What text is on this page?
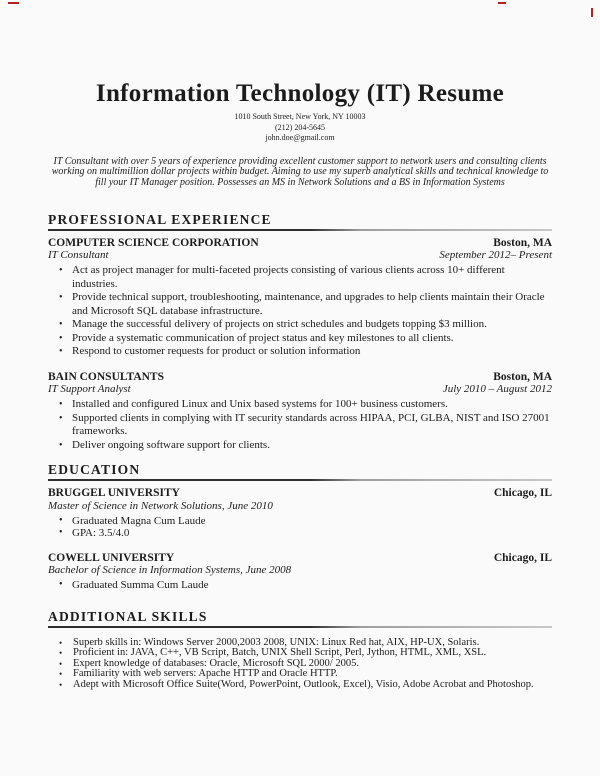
Information Technology (IT) Resume
1010 South Street, New York, NY 10003
(212) 204-5645
john.doe@gmail.com
IT Consultant with over 5 years of experience providing excellent customer support to network users and consulting clients working on multimillion dollar projects within budget. Aiming to use my superb analytical skills and technical knowledge to fill your IT Manager position. Possesses an MS in Network Solutions and a BS in Information Systems
PROFESSIONAL EXPERIENCE
COMPUTER SCIENCE CORPORATION	Boston, MA
IT Consultant	September 2012– Present
• Act as project manager for multi-faceted projects consisting of various clients across 10+ different industries.
• Provide technical support, troubleshooting, maintenance, and upgrades to help clients maintain their Oracle and Microsoft SQL database infrastructure.
• Manage the successful delivery of projects on strict schedules and budgets topping $3 million.
• Provide a systematic communication of project status and key milestones to all clients.
• Respond to customer requests for product or solution information
BAIN CONSULTANTS	Boston, MA
IT Support Analyst	July 2010 – August 2012
• Installed and configured Linux and Unix based systems for 100+ business customers.
• Supported clients in complying with IT security standards across HIPAA, PCI, GLBA, NIST and ISO 27001 frameworks.
• Deliver ongoing software support for clients.
EDUCATION
BRUGGEL UNIVERSITY	Chicago, IL
Master of Science in Network Solutions, June 2010
• Graduated Magna Cum Laude
• GPA: 3.5/4.0
COWELL UNIVERSITY	Chicago, IL
Bachelor of Science in Information Systems, June 2008
• Graduated Summa Cum Laude
ADDITIONAL SKILLS
• Superb skills in: Windows Server 2000,2003 2008, UNIX: Linux Red hat, AIX, HP-UX, Solaris.
• Proficient in: JAVA, C++, VB Script, Batch, UNIX Shell Script, Perl, Jython, HTML, XML, XSL.
• Expert knowledge of databases: Oracle, Microsoft SQL 2000/ 2005.
• Familiarity with web servers: Apache HTTP and Oracle HTTP.
• Adept with Microsoft Office Suite(Word, PowerPoint, Outlook, Excel), Visio, Adobe Acrobat and Photoshop.
